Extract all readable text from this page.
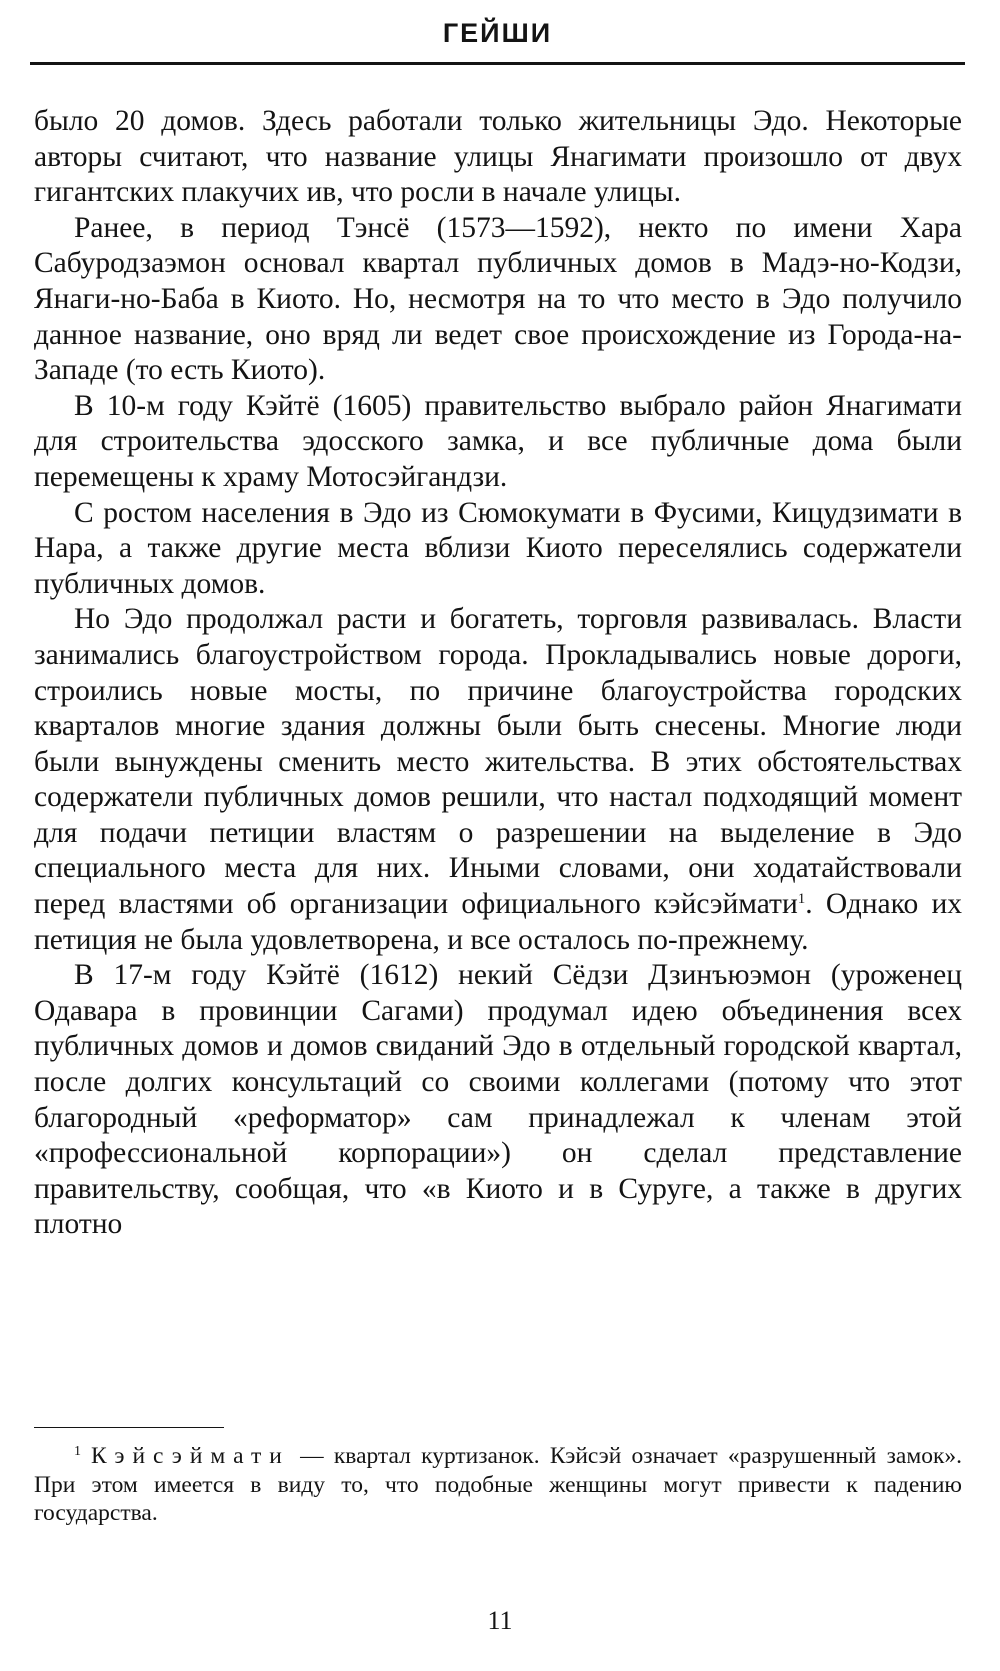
ГЕЙШИ

было 20 домов. Здесь работали только жительницы Эдо. Некоторые авторы считают, что название улицы Янагимати произошло от двух гигантских плакучих ив, что росли в начале улицы.

Ранее, в период Тэнсё (1573—1592), некто по имени Хара Сабуродзаэмон основал квартал публичных домов в Мадэ-но-Кодзи, Янаги-но-Баба в Киото. Но, несмотря на то что место в Эдо получило данное название, оно вряд ли ведет свое происхождение из Города-на-Западе (то есть Киото).

В 10-м году Кэйтё (1605) правительство выбрало район Янагимати для строительства эдосского замка, и все публичные дома были перемещены к храму Мотосэйгандзи.

С ростом населения в Эдо из Сюмокумати в Фусими, Кицудзимати в Нара, а также другие места вблизи Киото переселялись содержатели публичных домов.

Но Эдо продолжал расти и богатеть, торговля развивалась. Власти занимались благоустройством города. Прокладывались новые дороги, строились новые мосты, по причине благоустройства городских кварталов многие здания должны были быть снесены. Многие люди были вынуждены сменить место жительства. В этих обстоятельствах содержатели публичных домов решили, что настал подходящий момент для подачи петиции властям о разрешении на выделение в Эдо специального места для них. Иными словами, они ходатайствовали перед властями об организации официального кэйсэймати$^1$. Однако их петиция не была удовлетворена, и все осталось по-прежнему.

В 17-м году Кэйтё (1612) некий Сёдзи Дзинъюэмон (уроженец Одавара в провинции Сагами) продумал идею объединения всех публичных домов и домов свиданий Эдо в отдельный городской квартал, после долгих консультаций со своими коллегами (потому что этот благородный «реформатор» сам принадлежал к членам этой «профессиональной корпорации») он сделал представление правительству, сообщая, что «в Киото и в Суруге, а также в других плотно

$^1$ Кэйсэймати — квартал куртизанок. Кэйсэй означает «разрушенный замок». При этом имеется в виду то, что подобные женщины могут привести к падению государства.
11
